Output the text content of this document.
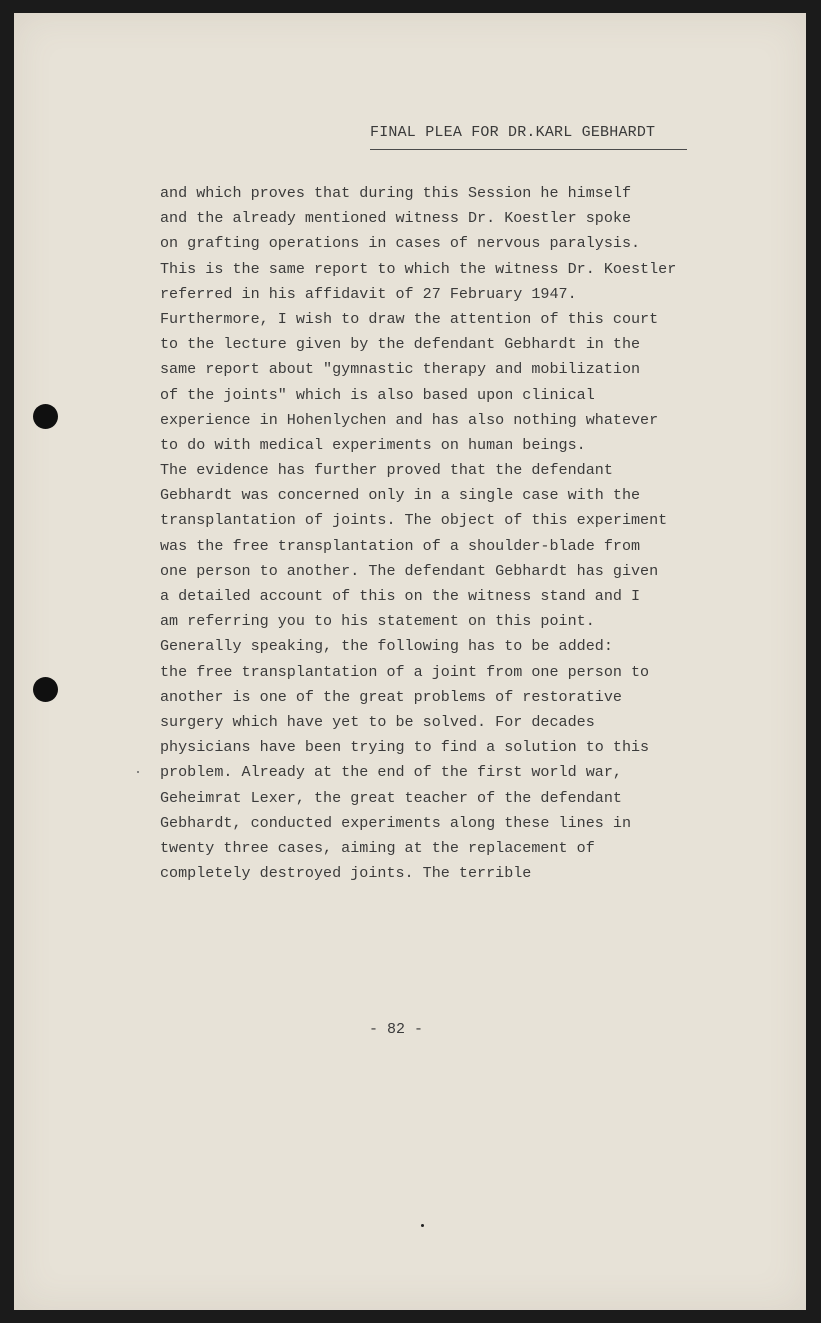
FINAL PLEA FOR DR.KARL GEBHARDT
and which proves that during this Session he himself
and the already mentioned witness Dr. Koestler spoke
on grafting operations in cases of nervous paralysis.
This is the same report to which the witness Dr. Koestler
referred in his affidavit of 27 February 1947.
Furthermore, I wish to draw the attention of this court
to the lecture given by the defendant Gebhardt in the
same report about "gymnastic therapy and mobilization
of the joints" which is also based upon clinical
experience in Hohenlychen and has also nothing whatever
to do with medical experiments on human beings.
The evidence has further proved that the defendant
Gebhardt was concerned only in a single case with the
transplantation of joints. The object of this experiment
was the free transplantation of a shoulder-blade from
one person to another. The defendant Gebhardt has given
a detailed account of this on the witness stand and I
am referring you to his statement on this point.
Generally speaking, the following has to be added:
the free transplantation of a joint from one person to
another is one of the great problems of restorative
surgery which have yet to be solved. For decades
physicians have been trying to find a solution to this
problem. Already at the end of the first world war,
Geheimrat Lexer, the great teacher of the defendant
Gebhardt, conducted experiments along these lines in
twenty three cases, aiming at the replacement of
completely destroyed joints. The terrible
- 82 -
